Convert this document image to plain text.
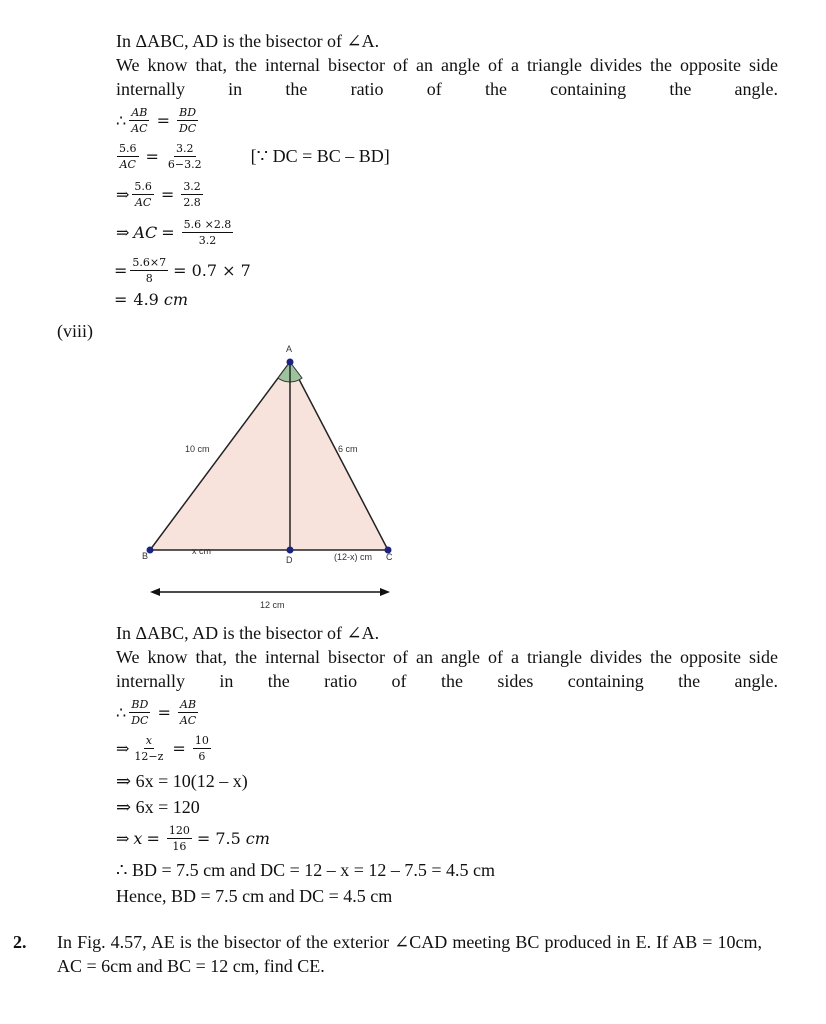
In ΔABC, AD is the bisector of ∠A.
We know that, the internal bisector of an angle of a triangle divides the opposite side internally in the ratio of the containing the angle.
∴ $\frac{AB}{AC} = \frac{BD}{DC}$
$\frac{5.6}{AC} = \frac{3.2}{6-3.2}$	[∵ DC = BC – BD]
⇒ $\frac{5.6}{AC} = \frac{3.2}{2.8}$
⇒ AC = $\frac{5.6 \times 2.8}{3.2}$
= $\frac{5.6\times 7}{8} = 0.7 \times 7$
= 4.9 cm
(viii)
A
B	D	C
10 cm	6 cm
x cm
(12-x) cm
12 cm
In ΔABC, AD is the bisector of ∠A.
We know that, the internal bisector of an angle of a triangle divides the opposite side internally in the ratio of the sides containing the angle.
∴ $\frac{BD}{DC} = \frac{AB}{AC}$
⇒ $\frac{x}{12-z} = \frac{10}{6}$
⇒ 6x = 10(12 – x)
⇒ 6x = 120
⇒ $x = \frac{120}{16} = 7.5$ cm
∴ BD = 7.5 cm and DC = 12 – x = 12 – 7.5 = 4.5 cm
Hence, BD = 7.5 cm and DC = 4.5 cm
2. In Fig. 4.57, AE is the bisector of the exterior ∠CAD meeting BC produced in E. If AB = 10cm, AC = 6cm and BC = 12 cm, find CE.
